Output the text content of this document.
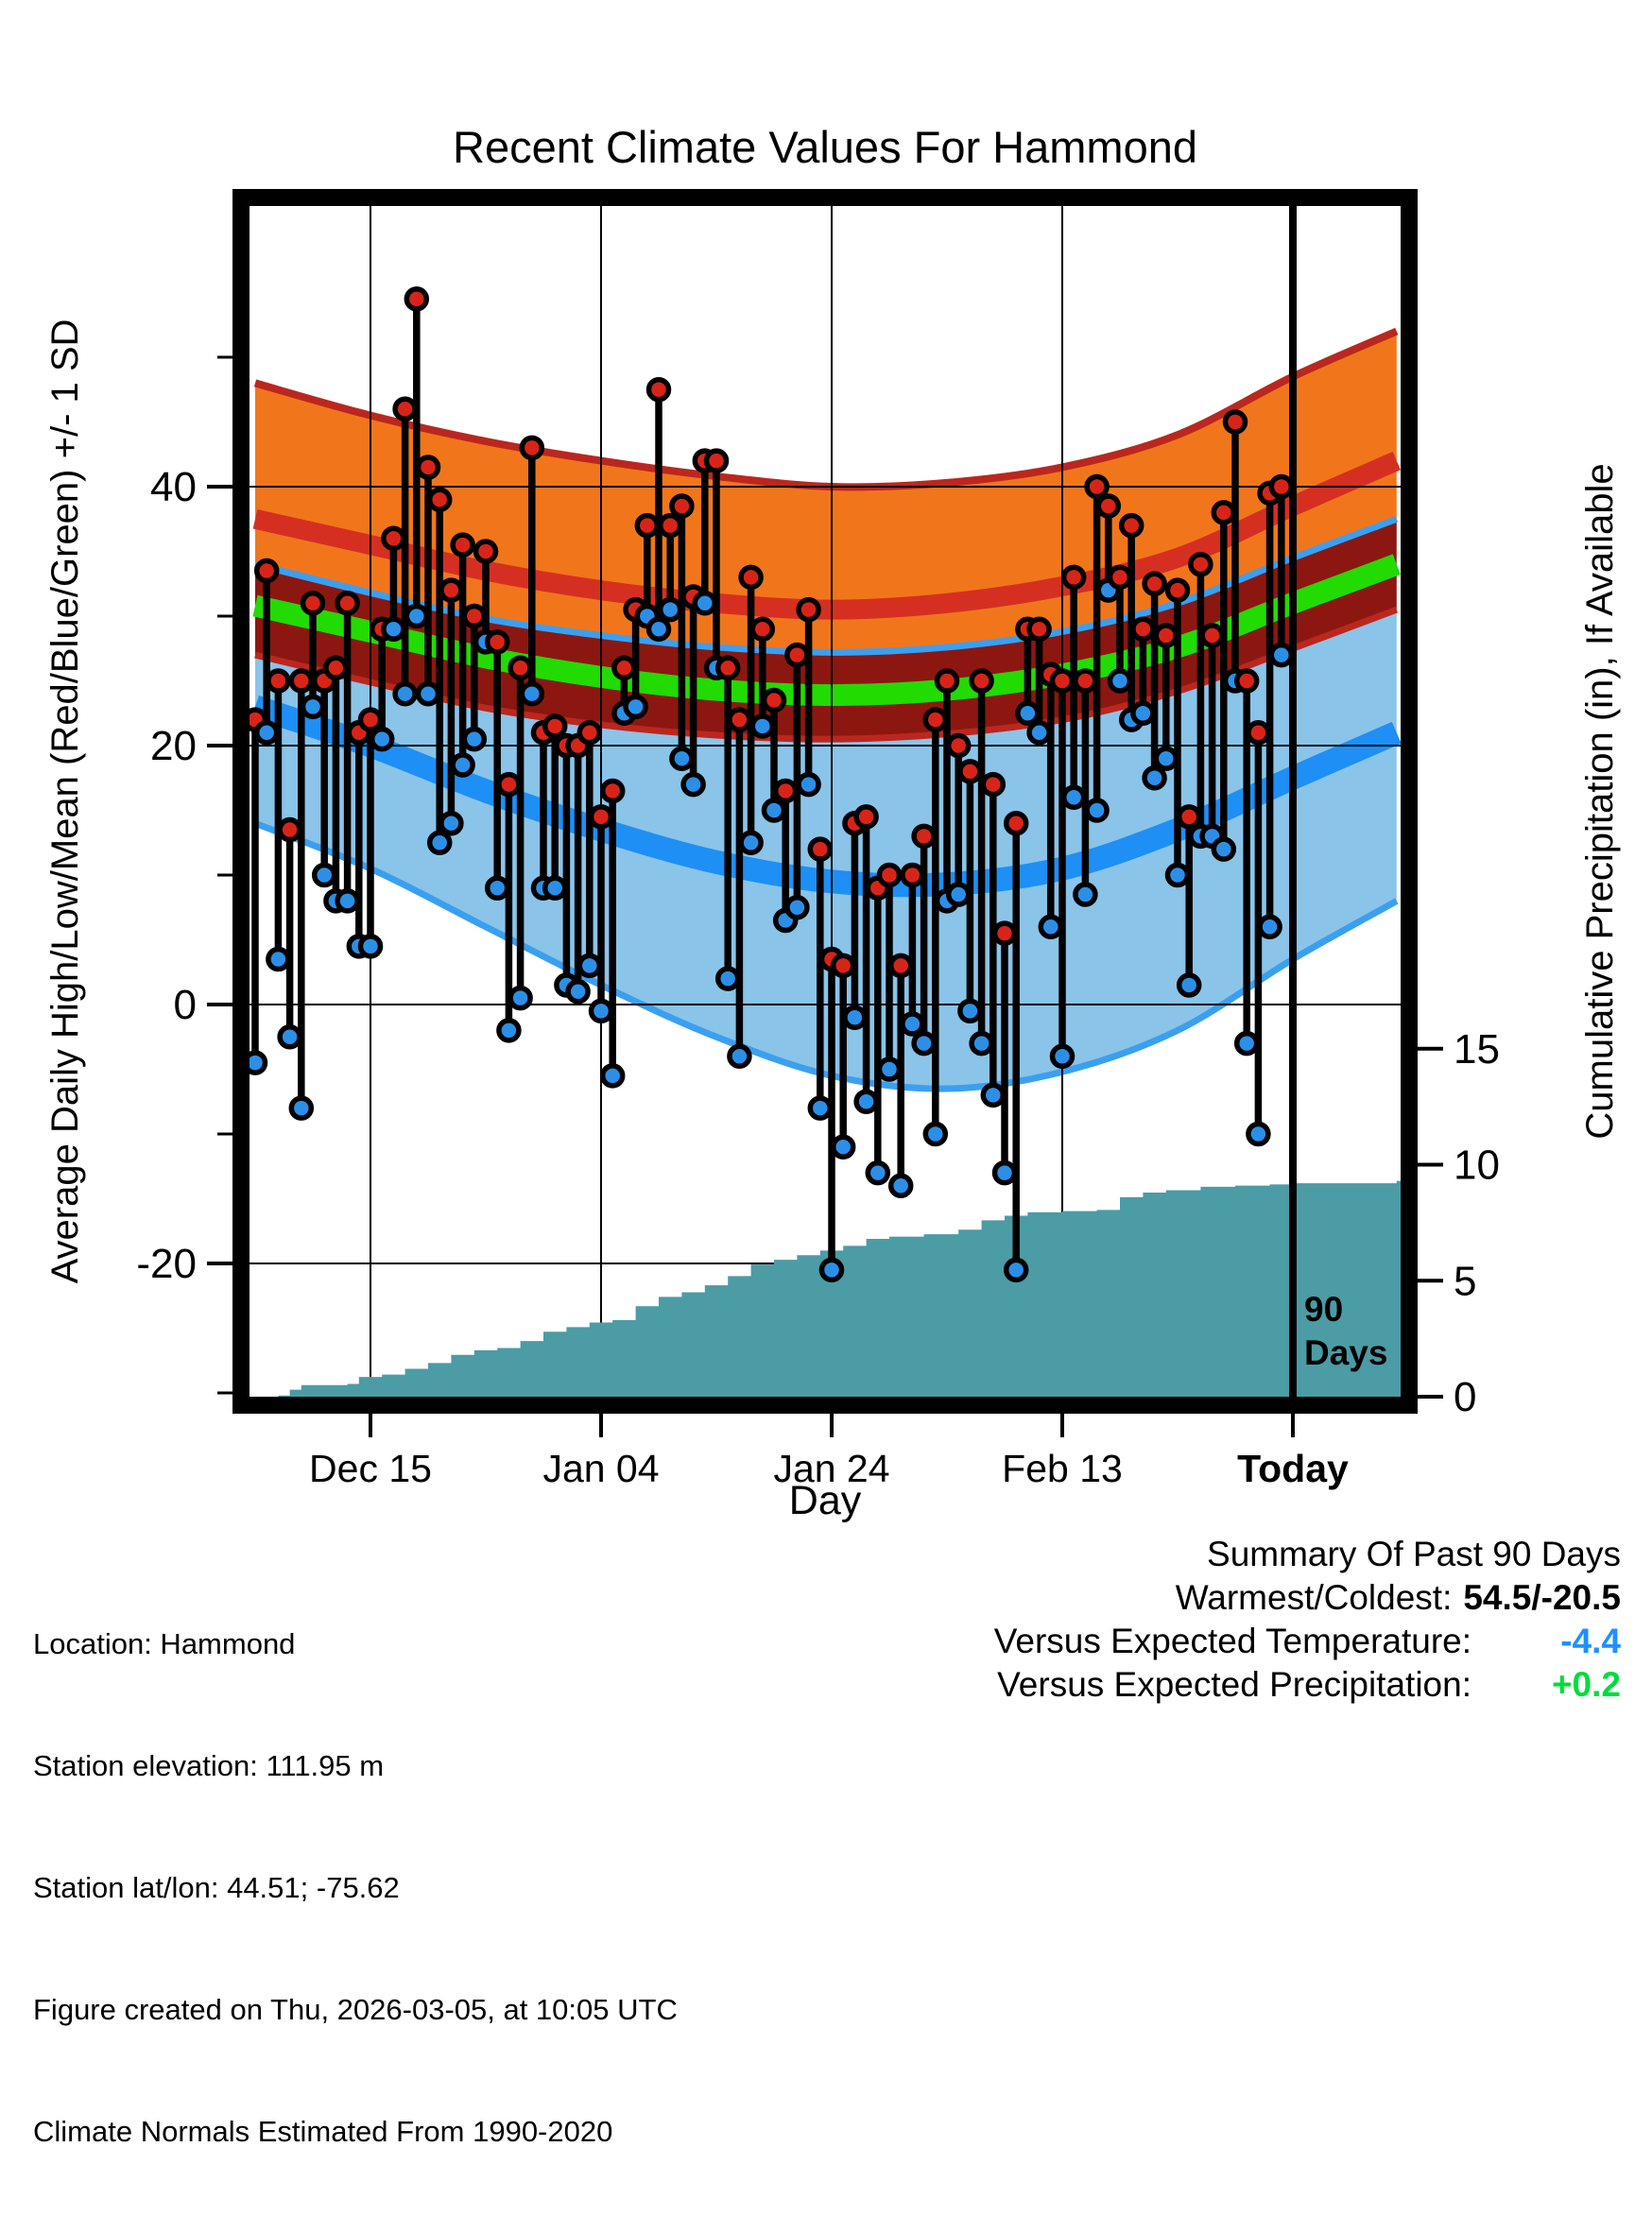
Recent Climate Values For Hammond
Average Daily High/Low/Mean (Red/Blue/Green) +/- 1 SD	Cumulative Precipitation (in), If Available
Day
40
20
0
-20
15
10
5
0
Dec 15	Jan 04	Jan 24	Feb 13	Today
90
Days

Location: Hammond

Station elevation: 111.95 m

Station lat/lon: 44.51; -75.62

Figure created on Thu, 2026-03-05, at 10:05 UTC

Climate Normals Estimated From 1990-2020

Summary Of Past 90 Days
Warmest/Coldest: 54.5/-20.5
Versus Expected Temperature:	-4.4
Versus Expected Precipitation:	+0.2
